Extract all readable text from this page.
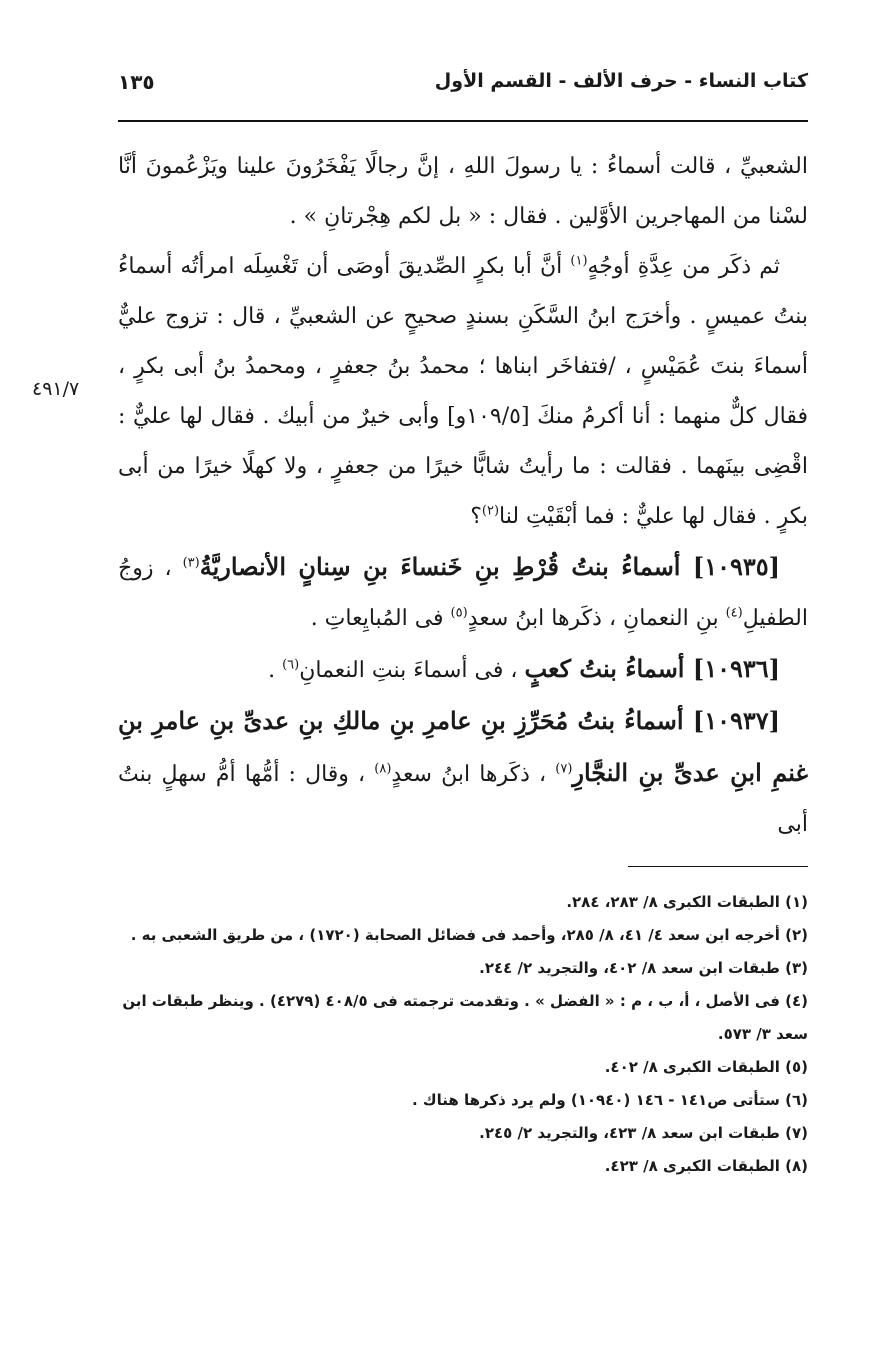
كتاب النساء - حرف الألف - القسم الأول
١٣٥
٤٩١/٧

الشعبيِّ ، قالت أسماءُ : يا رسولَ اللهِ ، إنَّ رجالًا يَفْخَرُونَ علينا ويَزْعُمونَ أنَّا لسْنا من المهاجرين الأوَّلين . فقال : « بل لكم هِجْرتانِ » .

ثم ذكَر من عِدَّةِ أوجُهٍ$^{(١)}$ أنَّ أبا بكرٍ الصِّديقَ أوصَى أن تَغْسِلَه امرأتُه أسماءُ بنتُ عميسٍ . وأخرَج ابنُ السَّكَنِ بسندٍ صحيحٍ عن الشعبيِّ ، قال : تزوج عليٌّ أسماءَ بنتَ عُمَيْسٍ ، /فتفاخَر ابناها ؛ محمدُ بنُ جعفرٍ ، ومحمدُ بنُ أبى بكرٍ ، فقال كلٌّ منهما : أنا أكرمُ منكَ [١٠٩/٥و] وأبى خيرٌ من أبيك . فقال لها عليٌّ : اقْضِى بينَهما . فقالت : ما رأيتُ شابًّا خيرًا من جعفرٍ ، ولا كهلًا خيرًا من أبى بكرٍ . فقال لها عليٌّ : فما أبْقَيْتِ لنا$^{(٢)}$؟

[١٠٩٣٥] أسماءُ بنتُ قُرْطِ بنِ خَنساءَ بنِ سِنانٍ الأنصاريَّةُ$^{(٣)}$ ، زوجُ الطفيلِ$^{(٤)}$ بنِ النعمانِ ، ذكَرها ابنُ سعدٍ$^{(٥)}$ فى المُبايِعاتِ .

[١٠٩٣٦] أسماءُ بنتُ كعبٍ ، فى أسماءَ بنتِ النعمانِ$^{(٦)}$ .

[١٠٩٣٧] أسماءُ بنتُ مُحَرِّزِ بنِ عامرِ بنِ مالكِ بنِ عدىِّ بنِ عامرِ بنِ غنمِ ابنِ عدىِّ بنِ النجَّارِ$^{(٧)}$ ، ذكَرها ابنُ سعدٍ$^{(٨)}$ ، وقال : أمُّها أمُّ سهلٍ بنتُ أبى

(١) الطبقات الكبرى ٨/ ٢٨٣، ٢٨٤.

(٢) أخرجه ابن سعد ٤/ ٤١، ٨/ ٢٨٥، وأحمد فى فضائل الصحابة (١٧٢٠) ، من طريق الشعبى به .

(٣) طبقات ابن سعد ٨/ ٤٠٢، والتجريد ٢/ ٢٤٤.

(٤) فى الأصل ، أ، ب ، م : « الفضل » . وتقدمت ترجمته فى ٤٠٨/٥ (٤٢٧٩) . وينظر طبقات ابن سعد ٣/ ٥٧٣.

(٥) الطبقات الكبرى ٨/ ٤٠٢.

(٦) ستأتى ص١٤١ - ١٤٦ (١٠٩٤٠) ولم يرد ذكرها هناك .

(٧) طبقات ابن سعد ٨/ ٤٢٣، والتجريد ٢/ ٢٤٥.

(٨) الطبقات الكبرى ٨/ ٤٢٣.
